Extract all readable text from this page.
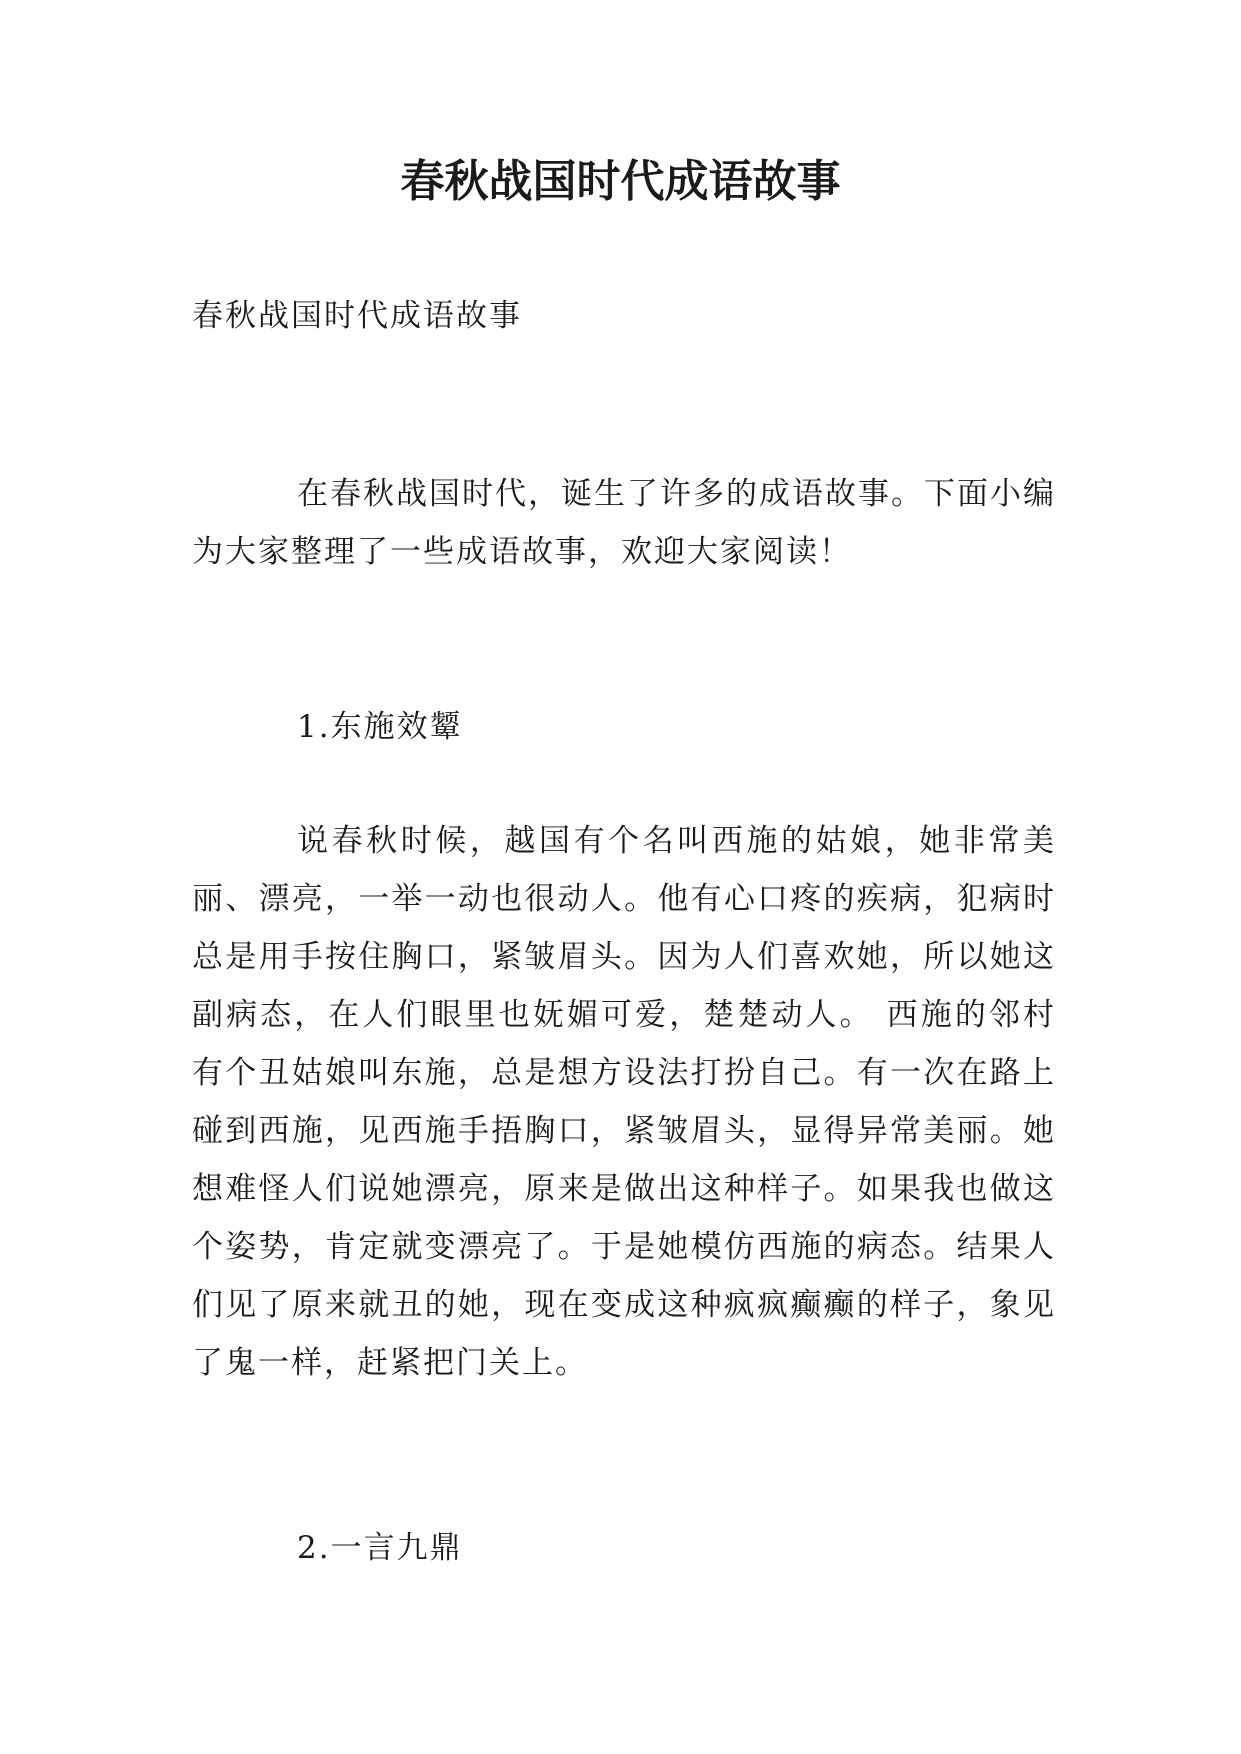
春秋战国时代成语故事

春秋战国时代成语故事

在春秋战国时代，诞生了许多的成语故事。下面小编为大家整理了一些成语故事，欢迎大家阅读！

1.东施效颦

说春秋时候，越国有个名叫西施的姑娘，她非常美丽、漂亮，一举一动也很动人。他有心口疼的疾病，犯病时总是用手按住胸口，紧皱眉头。因为人们喜欢她，所以她这副病态，在人们眼里也妩媚可爱，楚楚动人。 西施的邻村有个丑姑娘叫东施，总是想方设法打扮自己。有一次在路上碰到西施，见西施手捂胸口，紧皱眉头，显得异常美丽。她想难怪人们说她漂亮，原来是做出这种样子。如果我也做这个姿势，肯定就变漂亮了。于是她模仿西施的病态。结果人们见了原来就丑的她，现在变成这种疯疯癫癫的样子，象见了鬼一样，赶紧把门关上。

2.一言九鼎
